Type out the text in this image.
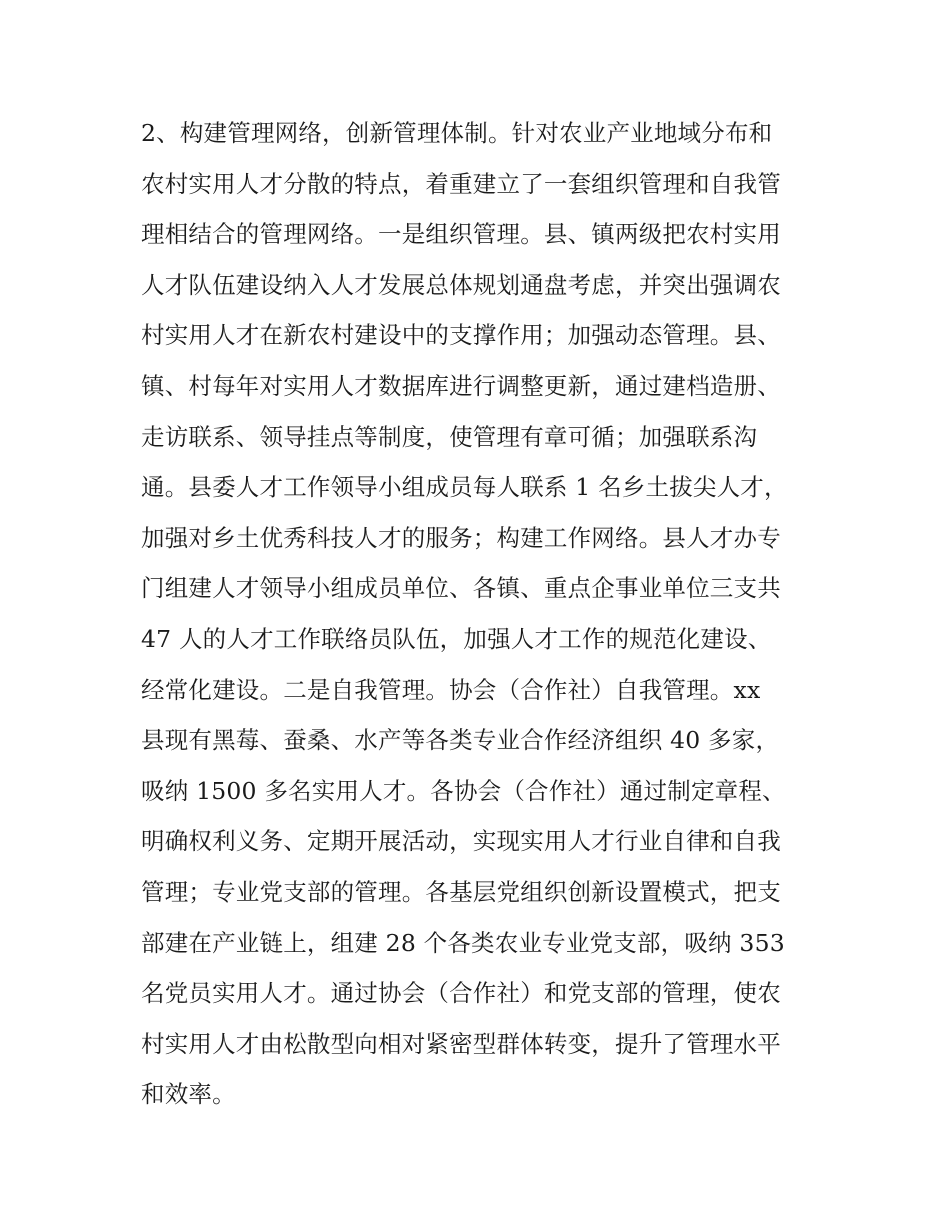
2、构建管理网络，创新管理体制。针对农业产业地域分布和
农村实用人才分散的特点，着重建立了一套组织管理和自我管
理相结合的管理网络。一是组织管理。县、镇两级把农村实用
人才队伍建设纳入人才发展总体规划通盘考虑，并突出强调农
村实用人才在新农村建设中的支撑作用；加强动态管理。县、
镇、村每年对实用人才数据库进行调整更新，通过建档造册、
走访联系、领导挂点等制度，使管理有章可循；加强联系沟
通。县委人才工作领导小组成员每人联系 1 名乡土拔尖人才，
加强对乡土优秀科技人才的服务；构建工作网络。县人才办专
门组建人才领导小组成员单位、各镇、重点企事业单位三支共
47 人的人才工作联络员队伍，加强人才工作的规范化建设、
经常化建设。二是自我管理。协会（合作社）自我管理。xx
县现有黑莓、蚕桑、水产等各类专业合作经济组织 40 多家，
吸纳 1500 多名实用人才。各协会（合作社）通过制定章程、
明确权利义务、定期开展活动，实现实用人才行业自律和自我
管理；专业党支部的管理。各基层党组织创新设置模式，把支
部建在产业链上，组建 28 个各类农业专业党支部，吸纳 353
名党员实用人才。通过协会（合作社）和党支部的管理，使农
村实用人才由松散型向相对紧密型群体转变，提升了管理水平
和效率。
